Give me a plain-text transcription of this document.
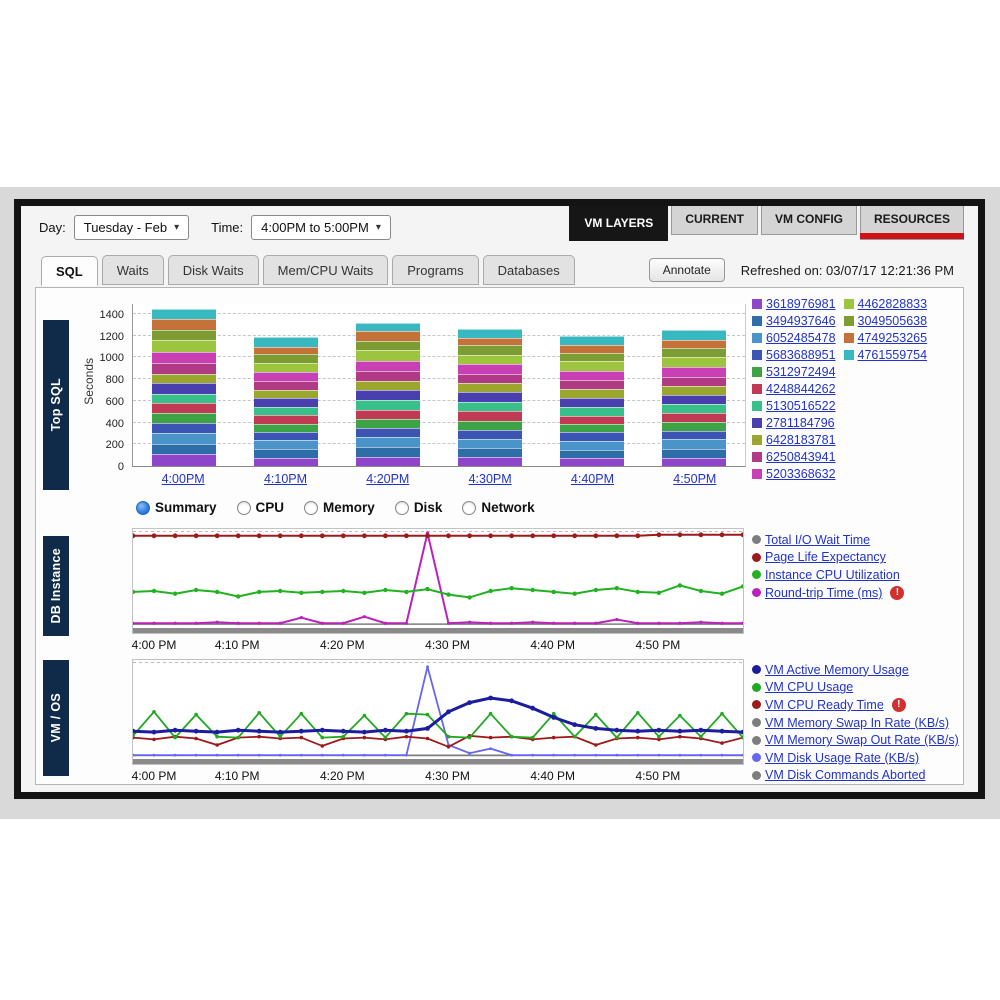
Day: Tuesday - Feb ▾ Time: 4:00PM to 5:00PM ▾	VM LAYERS	CURRENT	VM CONFIG	RESOURCES
SQL	Waits	Disk Waits	Mem/CPU Waits	Programs	Databases	Annotate	Refreshed on: 03/07/17 12:21:36 PM
Top SQL
DB Instance
VM / OS
Seconds
0
200
400
600
800
1000
1200
1400
4:00PM	4:10PM	4:20PM	4:30PM	4:40PM	4:50PM
3618976981
3494937646
6052485478
5683688951
5312972494
4248844262
5130516522
2781184796
6428183781
6250843941
5203368632
4462828833
3049505638
4749253265
4761559754
Summary	CPU	Memory	Disk	Network
4:00 PM	4:10 PM	4:20 PM	4:30 PM	4:40 PM	4:50 PM
Total I/O Wait Time
Page Life Expectancy
Instance CPU Utilization
Round-trip Time (ms)	!
4:00 PM	4:10 PM	4:20 PM	4:30 PM	4:40 PM	4:50 PM
VM Active Memory Usage
VM CPU Usage
VM CPU Ready Time	!
VM Memory Swap In Rate (KB/s)
VM Memory Swap Out Rate (KB/s)
VM Disk Usage Rate (KB/s)
VM Disk Commands Aborted
